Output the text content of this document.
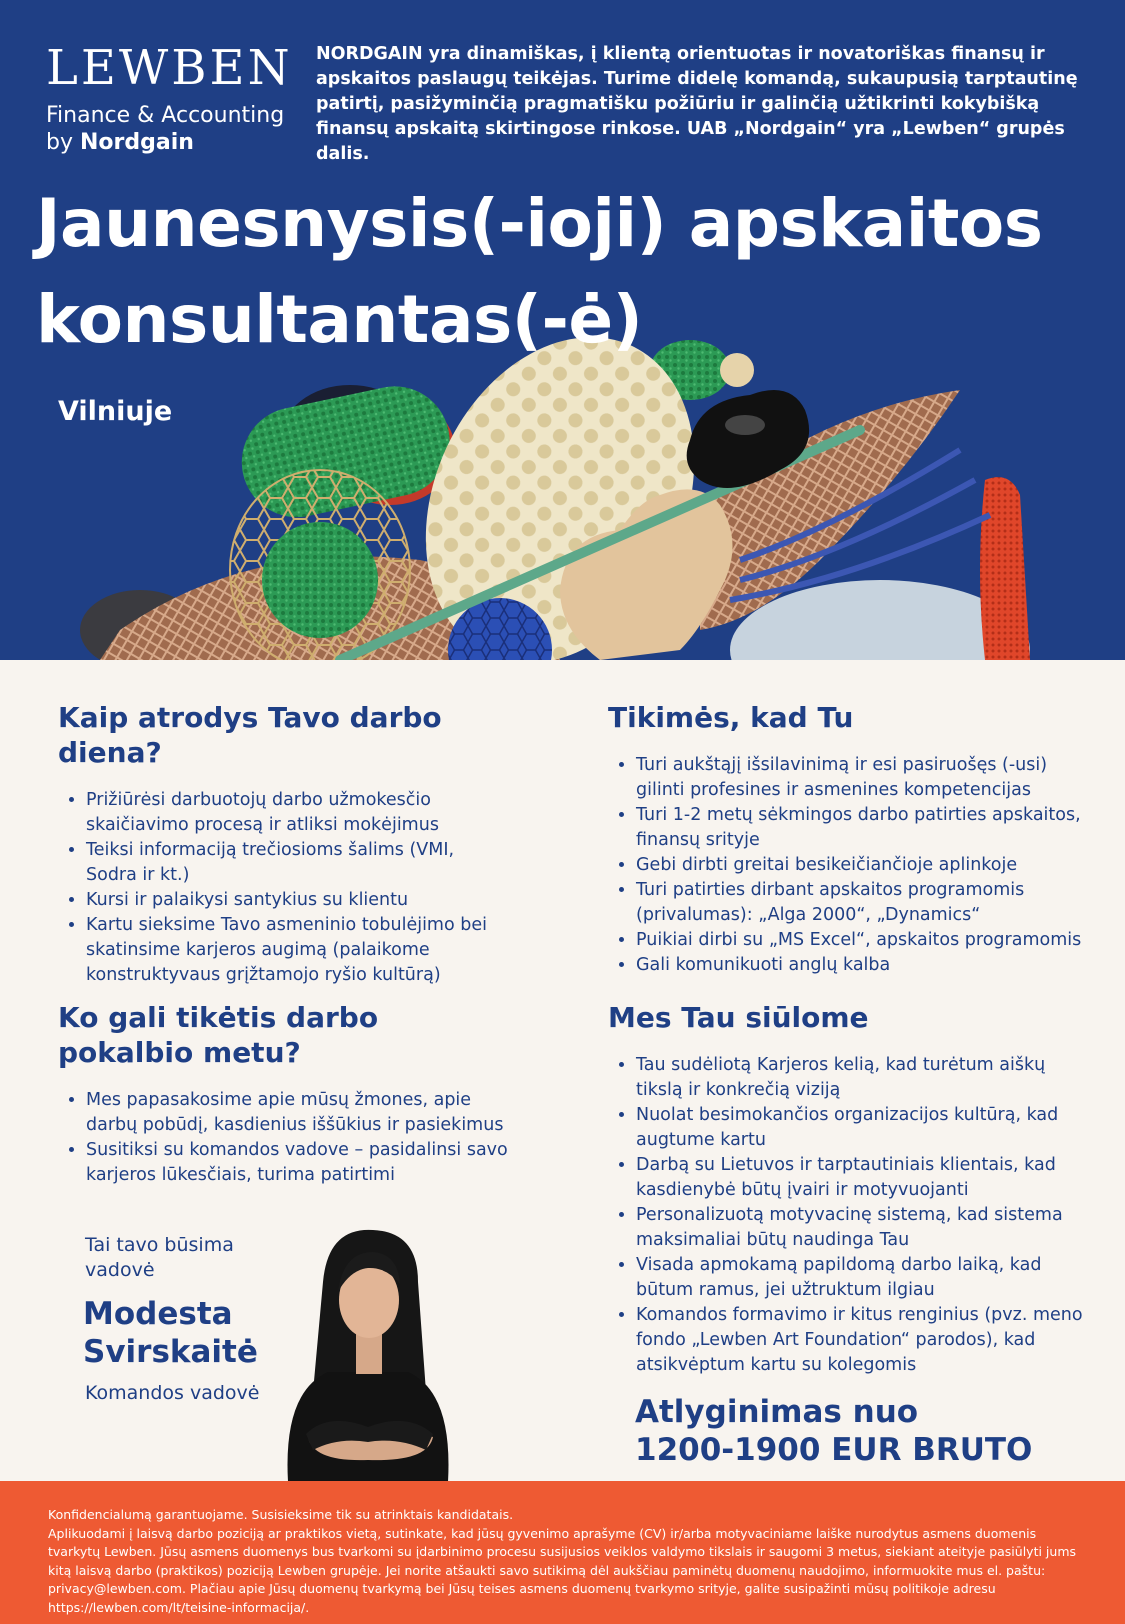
LEWBEN
Finance & Accounting
by Nordgain
NORDGAIN yra dinamiškas, į klientą orientuotas ir novatoriškas finansų ir apskaitos paslaugų teikėjas. Turime didelę komandą, sukaupusią tarptautinę patirtį, pasižyminčią pragmatišku požiūriu ir galinčią užtikrinti kokybišką finansų apskaitą skirtingose rinkose. UAB „Nordgain“ yra „Lewben“ grupės dalis.
Jaunesnysis(-ioji) apskaitos
konsultantas(-ė)
Vilniuje
Kaip atrodys Tavo darbo diena?
• Prižiūrėsi darbuotojų darbo užmokesčio skaičiavimo procesą ir atliksi mokėjimus
• Teiksi informaciją trečiosioms šalims (VMI, Sodra ir kt.)
• Kursi ir palaikysi santykius su klientu
• Kartu sieksime Tavo asmeninio tobulėjimo bei skatinsime karjeros augimą (palaikome konstruktyvaus grįžtamojo ryšio kultūrą)
Tikimės, kad Tu
• Turi aukštąjį išsilavinimą ir esi pasiruošęs (-usi) gilinti profesines ir asmenines kompetencijas
• Turi 1-2 metų sėkmingos darbo patirties apskaitos, finansų srityje
• Gebi dirbti greitai besikeičiančioje aplinkoje
• Turi patirties dirbant apskaitos programomis (privalumas): „Alga 2000“, „Dynamics“
• Puikiai dirbi su „MS Excel“, apskaitos programomis
• Gali komunikuoti anglų kalba
Ko gali tikėtis darbo
pokalbio metu?
• Mes papasakosime apie mūsų žmones, apie darbų pobūdį, kasdienius iššūkius ir pasiekimus
• Susitiksi su komandos vadove – pasidalinsi savo karjeros lūkesčiais, turima patirtimi
Mes Tau siūlome
• Tau sudėliotą Karjeros kelią, kad turėtum aiškų tikslą ir konkrečią viziją
• Nuolat besimokančios organizacijos kultūrą, kad augtume kartu
• Darbą su Lietuvos ir tarptautiniais klientais, kad kasdienybė būtų įvairi ir motyvuojanti
• Personalizuotą motyvacinę sistemą, kad sistema maksimaliai būtų naudinga Tau
• Visada apmokamą papildomą darbo laiką, kad būtum ramus, jei užtruktum ilgiau
• Komandos formavimo ir kitus renginius (pvz. meno fondo „Lewben Art Foundation“ parodos), kad atsikvėptum kartu su kolegomis
Tai tavo būsima vadovė
Modesta
Svirskaitė
Komandos vadovė
Atlyginimas nuo
1200-1900 EUR BRUTO

Konfidencialumą garantuojame. Susisieksime tik su atrinktais kandidatais.

Aplikuodami į laisvą darbo poziciją ar praktikos vietą, sutinkate, kad jūsų gyvenimo aprašyme (CV) ir/arba motyvaciniame laiške nurodytus asmens duomenis tvarkytų Lewben. Jūsų asmens duomenys bus tvarkomi su įdarbinimo procesu susijusios veiklos valdymo tikslais ir saugomi 3 metus, siekiant ateityje pasiūlyti jums kitą laisvą darbo (praktikos) poziciją Lewben grupėje. Jei norite atšaukti savo sutikimą dėl aukščiau paminėtų duomenų naudojimo, informuokite mus el. paštu: privacy@lewben.com. Plačiau apie Jūsų duomenų tvarkymą bei Jūsų teises asmens duomenų tvarkymo srityje, galite susipažinti mūsų politikoje adresu https://lewben.com/lt/teisine-informacija/.
